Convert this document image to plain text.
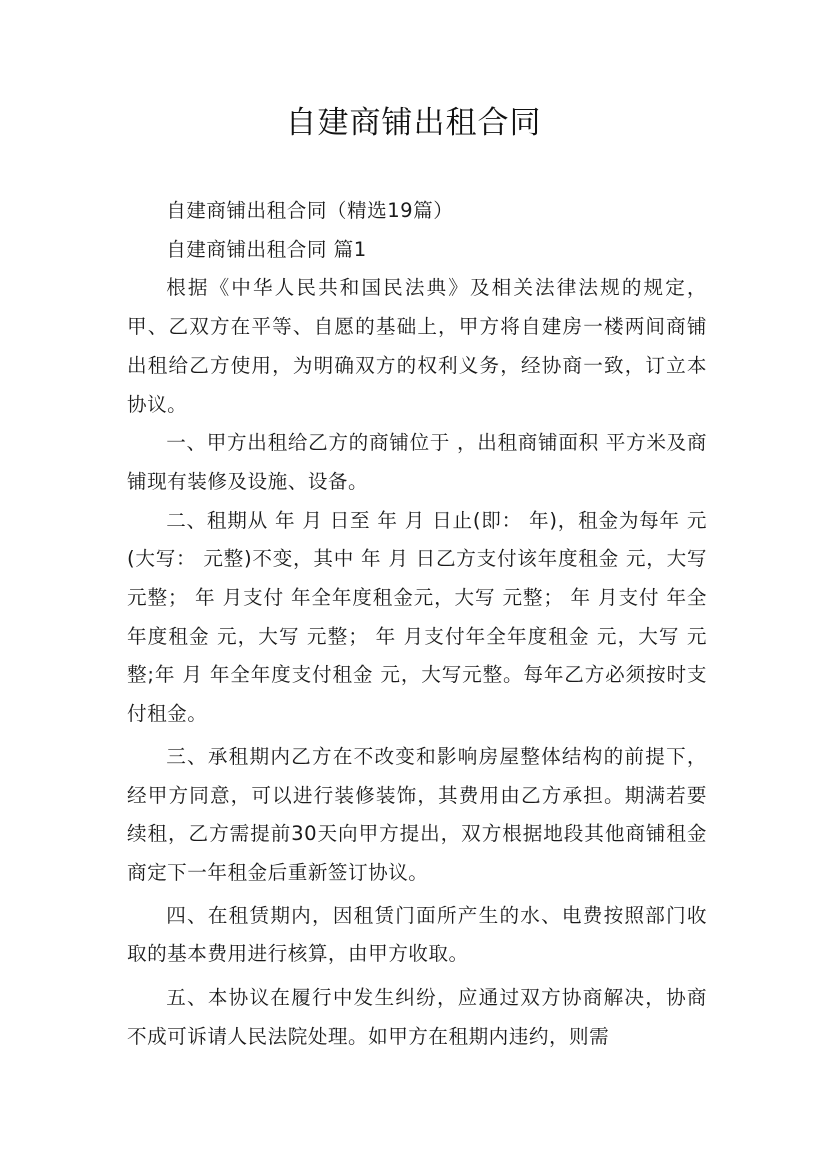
自建商铺出租合同

自建商铺出租合同（精选19篇）

自建商铺出租合同 篇1

根据《中华人民共和国民法典》及相关法律法规的规定，甲、乙双方在平等、自愿的基础上，甲方将自建房一楼两间商铺出租给乙方使用，为明确双方的权利义务，经协商一致，订立本协议。

一、甲方出租给乙方的商铺位于 ，出租商铺面积 平方米及商铺现有装修及设施、设备。

二、租期从 年 月 日至 年 月 日止(即： 年)，租金为每年 元(大写： 元整)不变，其中 年 月 日乙方支付该年度租金 元，大写 元整； 年 月支付 年全年度租金元，大写 元整； 年 月支付 年全年度租金 元，大写 元整； 年 月支付年全年度租金 元，大写 元整;年 月 年全年度支付租金 元，大写元整。每年乙方必须按时支付租金。

三、承租期内乙方在不改变和影响房屋整体结构的前提下，经甲方同意，可以进行装修装饰，其费用由乙方承担。期满若要续租，乙方需提前30天向甲方提出，双方根据地段其他商铺租金商定下一年租金后重新签订协议。

四、在租赁期内，因租赁门面所产生的水、电费按照部门收取的基本费用进行核算，由甲方收取。

五、本协议在履行中发生纠纷，应通过双方协商解决，协商不成可诉请人民法院处理。如甲方在租期内违约，则需
